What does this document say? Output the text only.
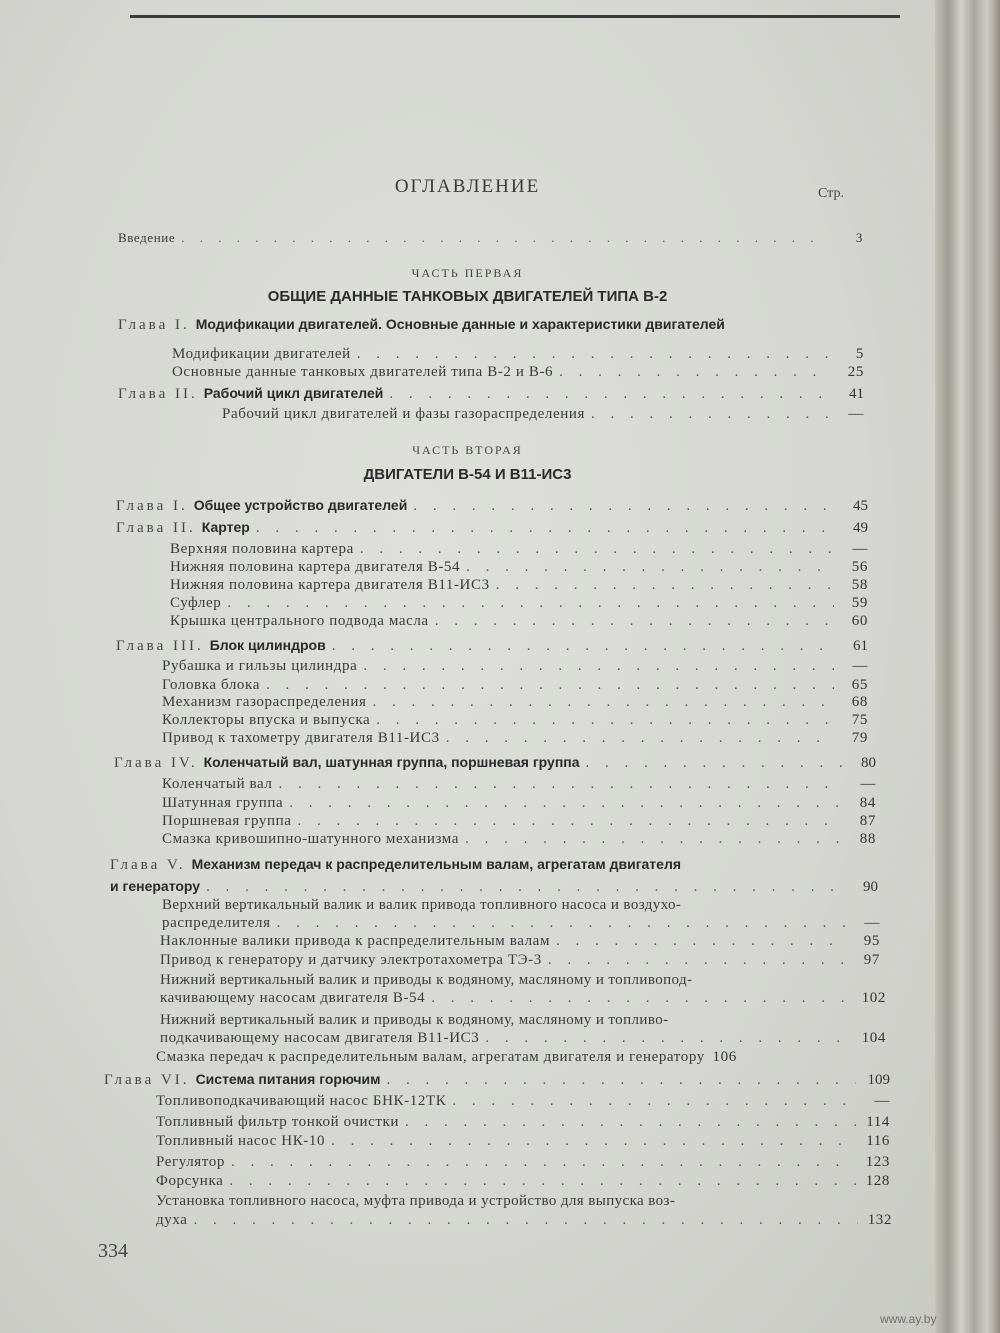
ОГЛАВЛЕНИЕ	Стр.
Введение . . .	3
ЧАСТЬ ПЕРВАЯ
ОБЩИЕ ДАННЫЕ ТАНКОВЫХ ДВИГАТЕЛЕЙ ТИПА В-2
Глава I. Модификации двигателей. Основные данные и характеристики двигателей
Модификации двигателей . . .	5
Основные данные танковых двигателей типа В-2 и В-6 . . .	25
Глава II. Рабочий цикл двигателей . . .	41
Рабочий цикл двигателей и фазы газораспределения . . .	—
ЧАСТЬ ВТОРАЯ
ДВИГАТЕЛИ В-54 И В11-ИС3
Глава I. Общее устройство двигателей . . .	45
Глава II. Картер . . .	49
Верхняя половина картера . . .	—
Нижняя половина картера двигателя В-54 . . .	56
Нижняя половина картера двигателя В11-ИС3 . . .	58
Суфлер . . .	59
Крышка центрального подвода масла . . .	60
Глава III. Блок цилиндров . . .	61
Рубашка и гильзы цилиндра . . .	—
Головка блока . . .	65
Механизм газораспределения . . .	68
Коллекторы впуска и выпуска . . .	75
Привод к тахометру двигателя В11-ИС3 . . .	79
Глава IV. Коленчатый вал, шатунная группа, поршневая группа . . .	80
Коленчатый вал . . .	—
Шатунная группа . . .	84
Поршневая группа . . .	87
Смазка кривошипно-шатунного механизма . . .	88
Глава V. Механизм передач к распределительным валам, агрегатам двигателя
и генератору . . .	90
Верхний вертикальный валик и валик привода топливного насоса и воздухо-
распределителя . . .	—
Наклонные валики привода к распределительным валам . . .	95
Привод к генератору и датчику электротахометра ТЭ-3 . . .	97
Нижний вертикальный валик и приводы к водяному, масляному и топливопод-
качивающему насосам двигателя В-54 . . .	102
Нижний вертикальный валик и приводы к водяному, масляному и топливо-
подкачивающему насосам двигателя В11-ИС3 . . .	104
Смазка передач к распределительным валам, агрегатам двигателя и генератору 106
Глава VI. Система питания горючим . . .	109
Топливоподкачивающий насос БНК-12ТК . . .	—
Топливный фильтр тонкой очистки . . .	114
Топливный насос НК-10 . . .	116
Регулятор . . .	123
Форсунка . . .	128
Установка топливного насоса, муфта привода и устройство для выпуска воз-
духа . . .	132
334
www.ay.by
